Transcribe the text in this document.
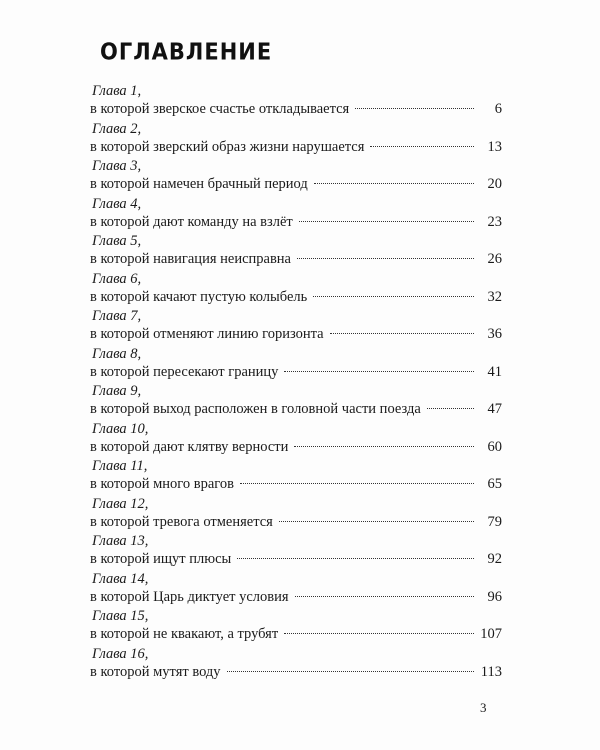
ОГЛАВЛЕНИЕ
Глава 1,
в которой зверское счастье откладывается	6
Глава 2,
в которой зверский образ жизни нарушается	13
Глава 3,
в которой намечен брачный период	20
Глава 4,
в которой дают команду на взлёт	23
Глава 5,
в которой навигация неисправна	26
Глава 6,
в которой качают пустую колыбель	32
Глава 7,
в которой отменяют линию горизонта	36
Глава 8,
в которой пересекают границу	41
Глава 9,
в которой выход расположен в головной части поезда	47
Глава 10,
в которой дают клятву верности	60
Глава 11,
в которой много врагов	65
Глава 12,
в которой тревога отменяется	79
Глава 13,
в которой ищут плюсы	92
Глава 14,
в которой Царь диктует условия	96
Глава 15,
в которой не квакают, а трубят	107
Глава 16,
в которой мутят воду	113
3
